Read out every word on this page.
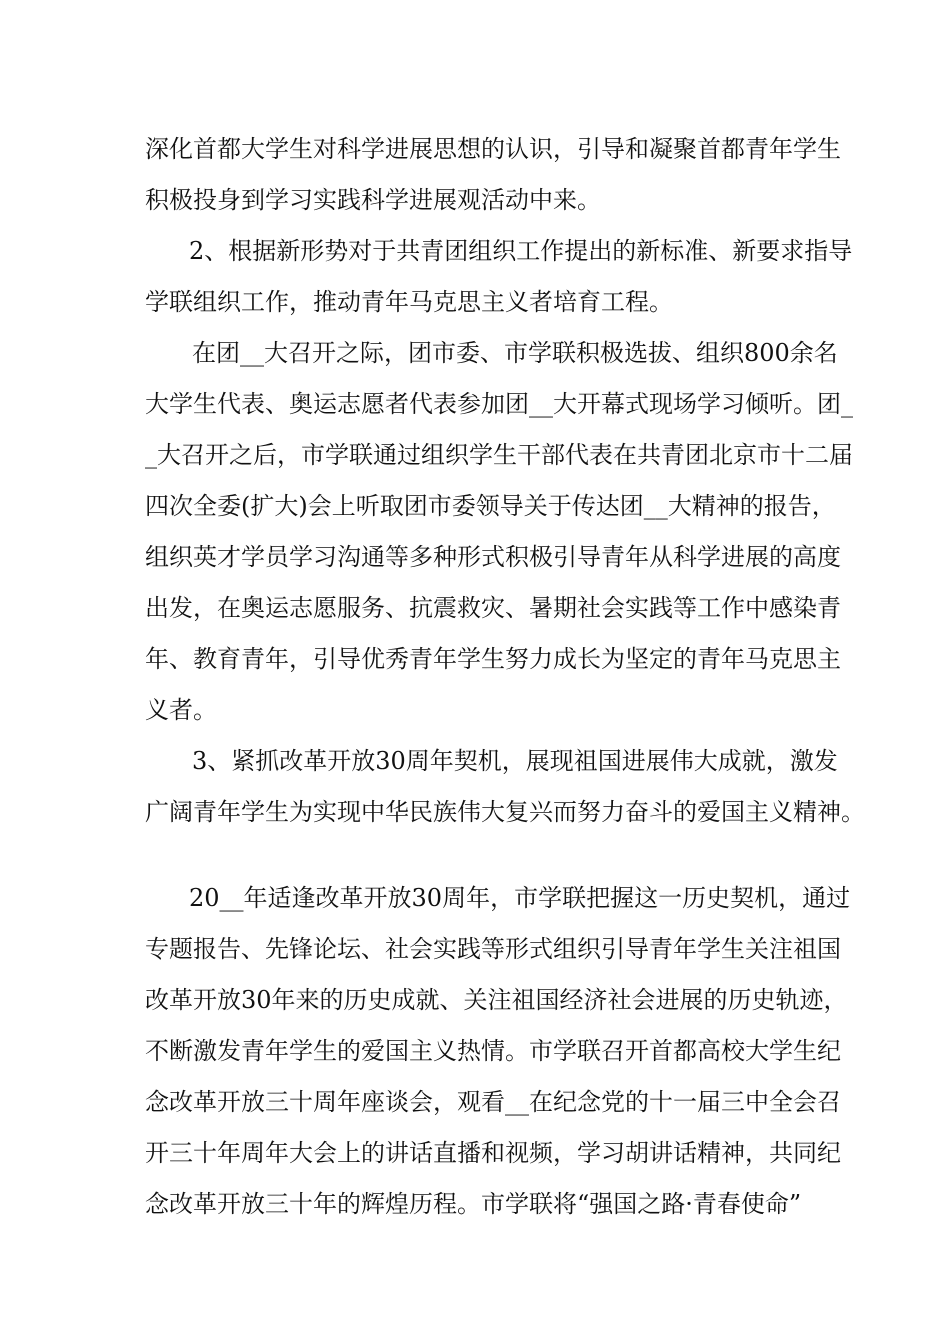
深化首都大学生对科学进展思想的认识，引导和凝聚首都青年学生
积极投身到学习实践科学进展观活动中来。
2、根据新形势对于共青团组织工作提出的新标准、新要求指导
学联组织工作，推动青年马克思主义者培育工程。
在团__大召开之际，团市委、市学联积极选拔、组织800余名
大学生代表、奥运志愿者代表参加团__大开幕式现场学习倾听。团_
_大召开之后，市学联通过组织学生干部代表在共青团北京市十二届
四次全委(扩大)会上听取团市委领导关于传达团__大精神的报告，
组织英才学员学习沟通等多种形式积极引导青年从科学进展的高度
出发，在奥运志愿服务、抗震救灾、暑期社会实践等工作中感染青
年、教育青年，引导优秀青年学生努力成长为坚定的青年马克思主
义者。
3、紧抓改革开放30周年契机，展现祖国进展伟大成就，激发
广阔青年学生为实现中华民族伟大复兴而努力奋斗的爱国主义精神。
20__年适逢改革开放30周年，市学联把握这一历史契机，通过
专题报告、先锋论坛、社会实践等形式组织引导青年学生关注祖国
改革开放30年来的历史成就、关注祖国经济社会进展的历史轨迹，
不断激发青年学生的爱国主义热情。市学联召开首都高校大学生纪
念改革开放三十周年座谈会，观看__在纪念党的十一届三中全会召
开三十年周年大会上的讲话直播和视频，学习胡讲话精神，共同纪
念改革开放三十年的辉煌历程。市学联将“强国之路·青春使命”
